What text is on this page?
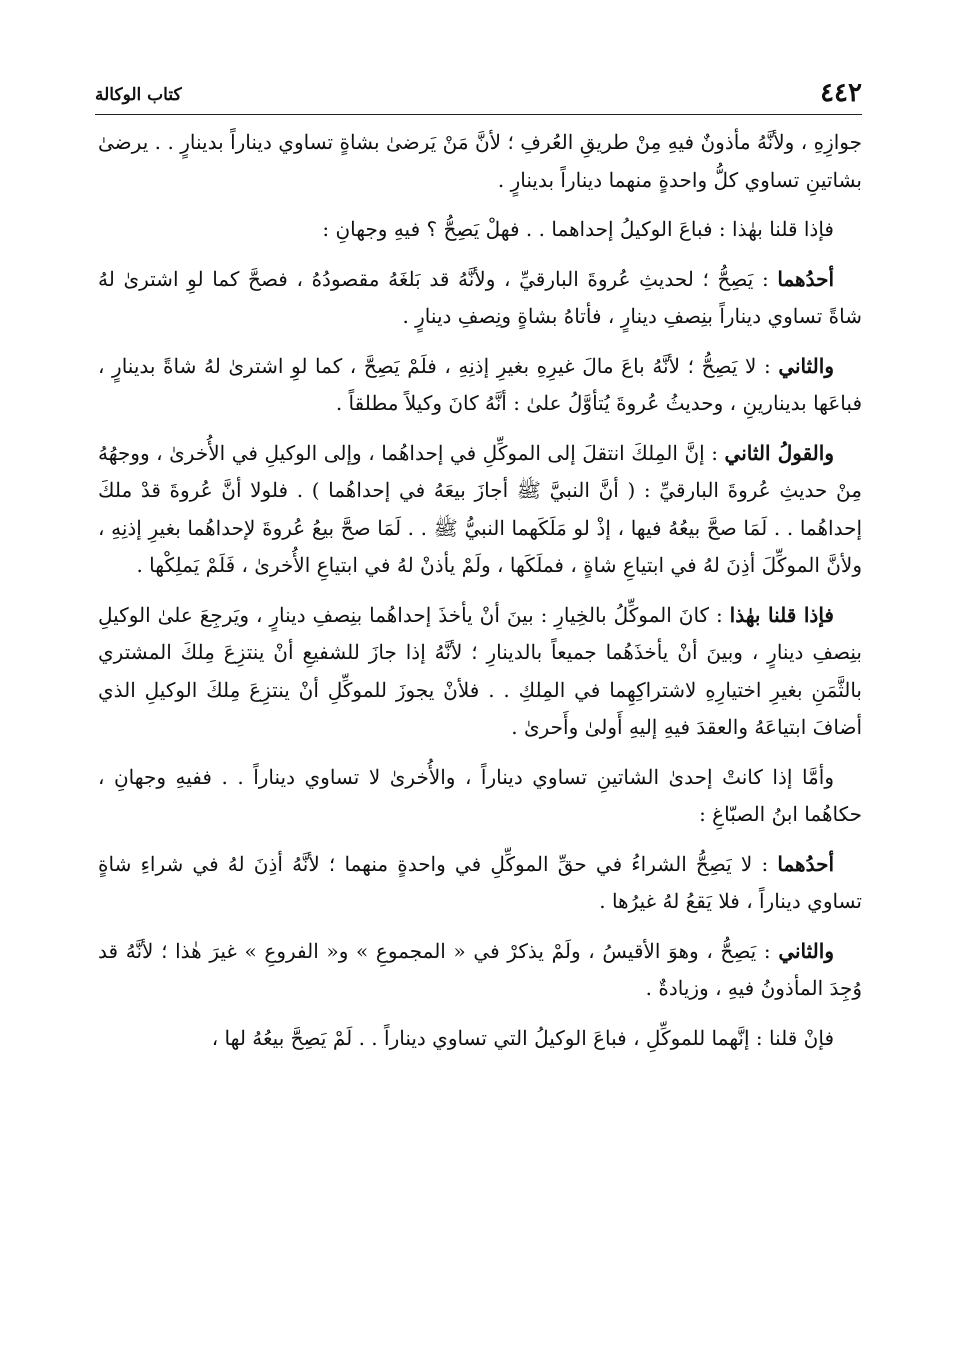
٤٤٢
كتاب الوكالة

جوازِهِ ، ولأنَّهُ مأذونٌ فيهِ مِنْ طريقِ العُرفِ ؛ لأنَّ مَنْ يَرضىٰ بشاةٍ تساوي ديناراً بدينارٍ . . يرضىٰ بشاتينِ تساوي كلُّ واحدةٍ منهما ديناراً بدينارٍ .

فإذا قلنا بهٰذا : فباعَ الوكيلُ إحداهما . . فهلْ يَصِحُّ ؟ فيهِ وجهانِ :

أحدُهما : يَصِحُّ ؛ لحديثِ عُروةَ البارقيِّ ، ولأنَّهُ قد بَلغَهُ مقصودُهُ ، فصحَّ كما لوِ اشترىٰ لهُ شاةً تساوي ديناراً بنِصفِ دينارٍ ، فأتاهُ بشاةٍ ونِصفِ دينارٍ .

والثاني : لا يَصِحُّ ؛ لأنَّهُ باعَ مالَ غيرِهِ بغيرِ إذنِهِ ، فلَمْ يَصِحَّ ، كما لوِ اشترىٰ لهُ شاةً بدينارٍ ، فباعَها بدينارينِ ، وحديثُ عُروةَ يُتأوَّلُ علىٰ : أنَّهُ كانَ وكيلاً مطلقاً .

والقولُ الثاني : إنَّ المِلكَ انتقلَ إلى الموكِّلِ في إحداهُما ، وإلى الوكيلِ في الأُخرىٰ ، ووجهُهُ مِنْ حديثِ عُروةَ البارقيِّ : ( أنَّ النبيَّ ﷺ أجازَ بيعَهُ في إحداهُما ) . فلولا أنَّ عُروةَ قدْ ملكَ إحداهُما . . لَمَا صحَّ بيعُهُ فيها ، إذْ لو مَلَكَهما النبيُّ ﷺ . . لَمَا صحَّ بيعُ عُروةَ لإحداهُما بغيرِ إذنِهِ ، ولأنَّ الموكِّلَ أذِنَ لهُ في ابتياعِ شاةٍ ، فملَكَها ، ولَمْ يأذنْ لهُ في ابتياعِ الأُخرىٰ ، فَلَمْ يَملِكْها .

فإذا قلنا بهٰذا : كانَ الموكِّلُ بالخِيارِ : بينَ أنْ يأخذَ إحداهُما بنِصفِ دينارٍ ، ويَرجِعَ علىٰ الوكيلِ بنِصفِ دينارٍ ، وبينَ أنْ يأخذَهُما جميعاً بالدينارِ ؛ لأنَّهُ إذا جازَ للشفيعِ أنْ ينتزِعَ مِلكَ المشتري بالثَّمَنِ بغيرِ اختيارِهِ لاشتراكِهِما في المِلكِ . . فلأنْ يجوزَ للموكِّلِ أنْ ينتزِعَ مِلكَ الوكيلِ الذي أضافَ ابتياعَهُ والعقدَ فيهِ إليهِ أَولىٰ وأَحرىٰ .

وأمَّا إذا كانتْ إحدىٰ الشاتينِ تساوي ديناراً ، والأُخرىٰ لا تساوي ديناراً . . ففيهِ وجهانِ ، حكاهُما ابنُ الصبّاغِ :

أحدُهما : لا يَصِحُّ الشراءُ في حقِّ الموكِّلِ في واحدةٍ منهما ؛ لأنَّهُ أذِنَ لهُ في شراءِ شاةٍ تساوي ديناراً ، فلا يَقعُ لهُ غيرُها .

والثاني : يَصِحُّ ، وهوَ الأقيسُ ، ولَمْ يذكرْ في « المجموعِ » و« الفروعِ » غيرَ هٰذا ؛ لأنَّهُ قد وُجِدَ المأذونُ فيهِ ، وزيادةٌ .

فإنْ قلنا : إنَّهما للموكِّلِ ، فباعَ الوكيلُ التي تساوي ديناراً . . لَمْ يَصِحَّ بيعُهُ لها ،
